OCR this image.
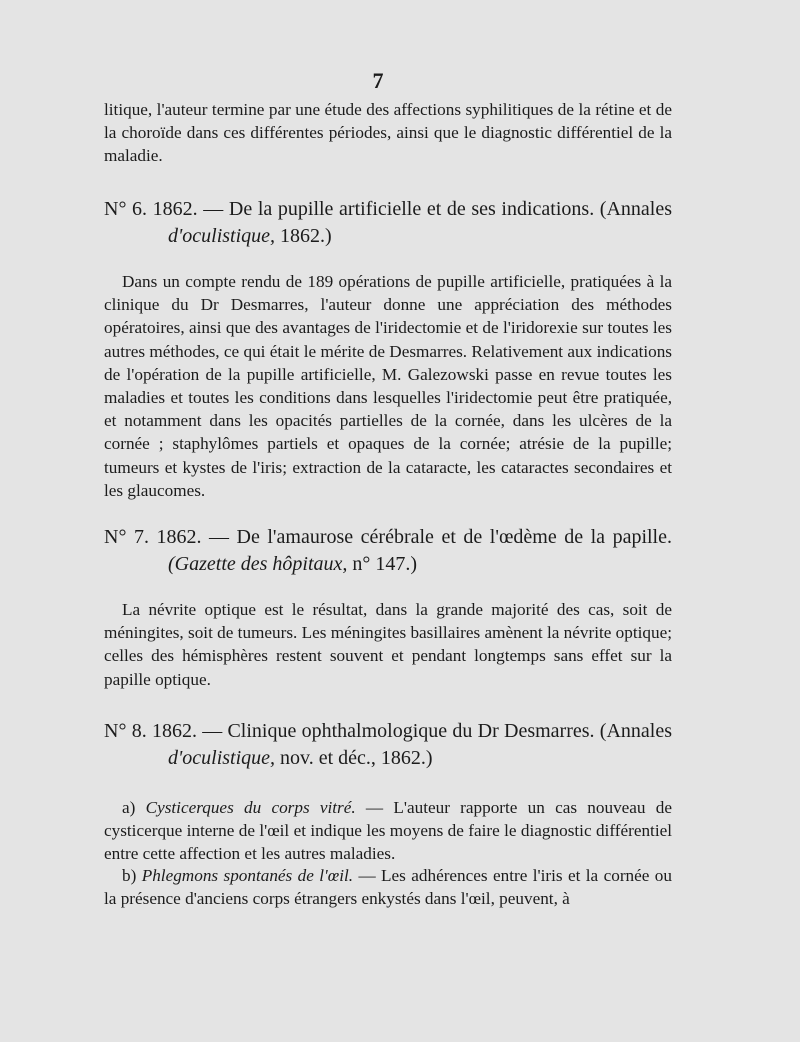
7

litique, l'auteur termine par une étude des affections syphilitiques de la rétine et de la choroïde dans ces différentes périodes, ainsi que le diagnostic différentiel de la maladie.

N° 6. 1862. — De la pupille artificielle et de ses indications. (Annales
d'oculistique, 1862.)

Dans un compte rendu de 189 opérations de pupille artificielle, pratiquées à la clinique du Dr Desmarres, l'auteur donne une appréciation des méthodes opératoires, ainsi que des avantages de l'iridectomie et de l'iridorexie sur toutes les autres méthodes, ce qui était le mérite de Desmarres. Relativement aux indications de l'opération de la pupille artificielle, M. Galezowski passe en revue toutes les maladies et toutes les conditions dans lesquelles l'iridectomie peut être pratiquée, et notamment dans les opacités partielles de la cornée, dans les ulcères de la cornée ; staphylômes partiels et opaques de la cornée; atrésie de la pupille; tumeurs et kystes de l'iris; extraction de la cataracte, les cataractes secondaires et les glaucomes.

N° 7. 1862. — De l'amaurose cérébrale et de l'œdème de la papille.
(Gazette des hôpitaux, n° 147.)

La névrite optique est le résultat, dans la grande majorité des cas, soit de méningites, soit de tumeurs. Les méningites basillaires amènent la névrite optique; celles des hémisphères restent souvent et pendant longtemps sans effet sur la papille optique.

N° 8. 1862. — Clinique ophthalmologique du Dr Desmarres. (Annales
d'oculistique, nov. et déc., 1862.)

a) Cysticerques du corps vitré. — L'auteur rapporte un cas nouveau de cysticerque interne de l'œil et indique les moyens de faire le diagnostic différentiel entre cette affection et les autres maladies.

b) Phlegmons spontanés de l'œil. — Les adhérences entre l'iris et la cornée ou la présence d'anciens corps étrangers enkystés dans l'œil, peuvent, à
